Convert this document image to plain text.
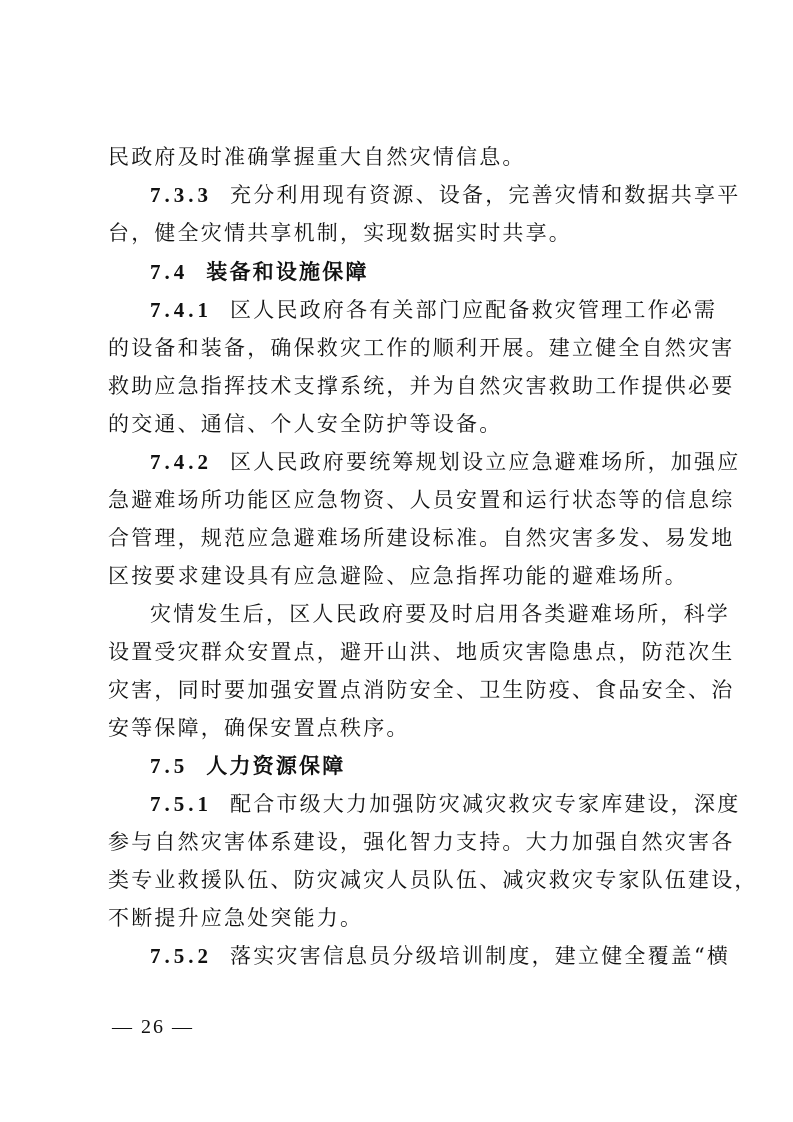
民政府及时准确掌握重大自然灾情信息。
7.3.3 充分利用现有资源、设备，完善灾情和数据共享平
台，健全灾情共享机制，实现数据实时共享。
7.4 装备和设施保障
7.4.1 区人民政府各有关部门应配备救灾管理工作必需
的设备和装备，确保救灾工作的顺利开展。建立健全自然灾害
救助应急指挥技术支撑系统，并为自然灾害救助工作提供必要
的交通、通信、个人安全防护等设备。
7.4.2 区人民政府要统筹规划设立应急避难场所，加强应
急避难场所功能区应急物资、人员安置和运行状态等的信息综
合管理，规范应急避难场所建设标准。自然灾害多发、易发地
区按要求建设具有应急避险、应急指挥功能的避难场所。
灾情发生后，区人民政府要及时启用各类避难场所，科学
设置受灾群众安置点，避开山洪、地质灾害隐患点，防范次生
灾害，同时要加强安置点消防安全、卫生防疫、食品安全、治
安等保障，确保安置点秩序。
7.5 人力资源保障
7.5.1 配合市级大力加强防灾减灾救灾专家库建设，深度
参与自然灾害体系建设，强化智力支持。大力加强自然灾害各
类专业救援队伍、防灾减灾人员队伍、减灾救灾专家队伍建设，
不断提升应急处突能力。
7.5.2 落实灾害信息员分级培训制度，建立健全覆盖“横
— 26 —
